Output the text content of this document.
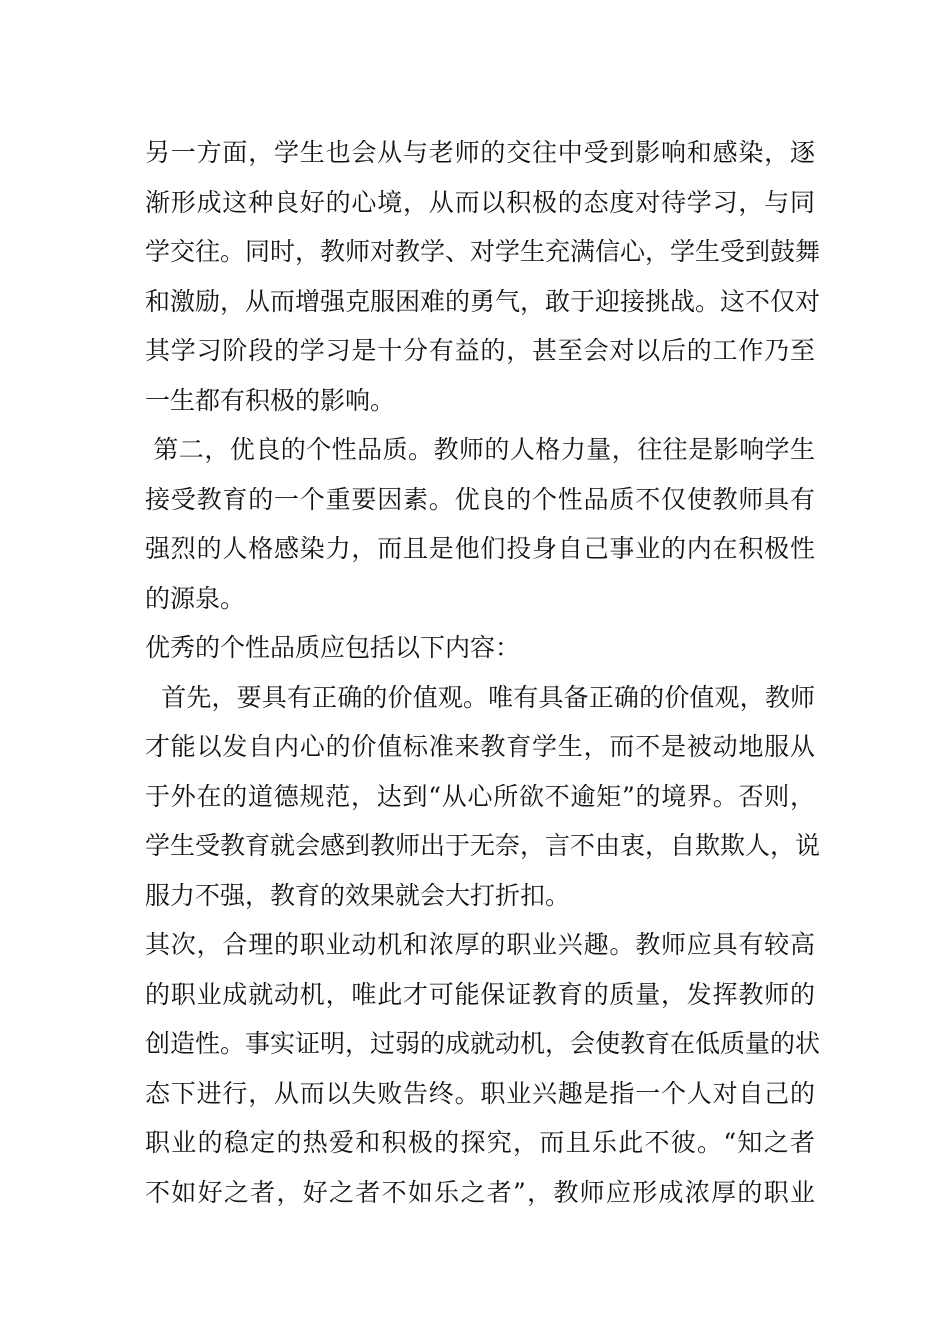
另一方面，学生也会从与老师的交往中受到影响和感染，逐
渐形成这种良好的心境，从而以积极的态度对待学习，与同
学交往。同时，教师对教学、对学生充满信心，学生受到鼓舞
和激励，从而增强克服困难的勇气，敢于迎接挑战。这不仅对
其学习阶段的学习是十分有益的，甚至会对以后的工作乃至
一生都有积极的影响。
第二，优良的个性品质。教师的人格力量，往往是影响学生
接受教育的一个重要因素。优良的个性品质不仅使教师具有
强烈的人格感染力，而且是他们投身自己事业的内在积极性
的源泉。
优秀的个性品质应包括以下内容：
首先，要具有正确的价值观。唯有具备正确的价值观，教师
才能以发自内心的价值标准来教育学生，而不是被动地服从
于外在的道德规范，达到“从心所欲不逾矩”的境界。否则，
学生受教育就会感到教师出于无奈，言不由衷，自欺欺人，说
服力不强，教育的效果就会大打折扣。
其次，合理的职业动机和浓厚的职业兴趣。教师应具有较高
的职业成就动机，唯此才可能保证教育的质量，发挥教师的
创造性。事实证明，过弱的成就动机，会使教育在低质量的状
态下进行，从而以失败告终。职业兴趣是指一个人对自己的
职业的稳定的热爱和积极的探究，而且乐此不彼。“知之者
不如好之者，好之者不如乐之者”，教师应形成浓厚的职业
